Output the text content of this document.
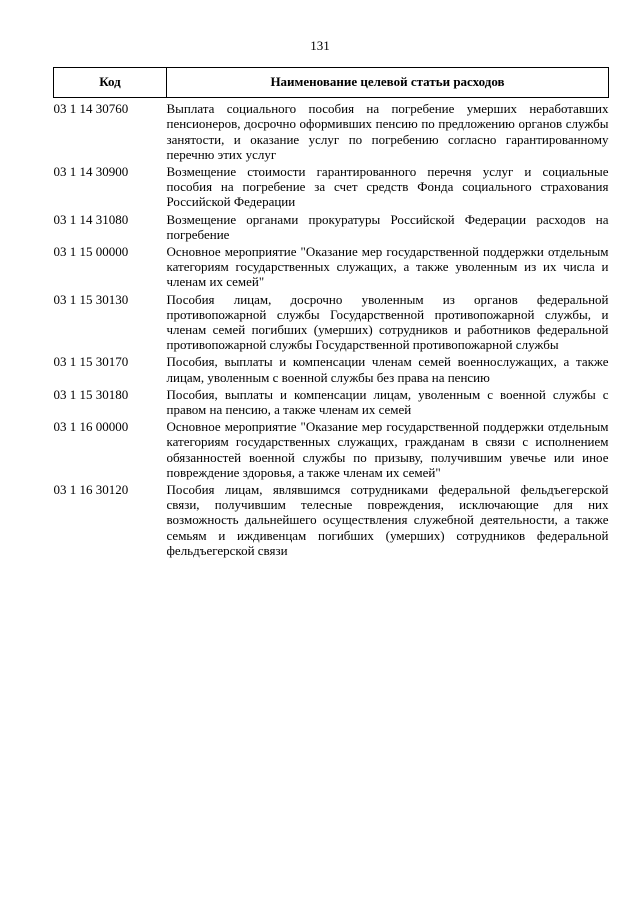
131
Код	Наименование целевой статьи расходов
03 1 14 30760	Выплата социального пособия на погребение умерших неработавших пенсионеров, досрочно оформивших пенсию по предложению органов службы занятости, и оказание услуг по погребению согласно гарантированному перечню этих услуг
03 1 14 30900	Возмещение стоимости гарантированного перечня услуг и социальные пособия на погребение за счет средств Фонда социального страхования Российской Федерации
03 1 14 31080	Возмещение органами прокуратуры Российской Федерации расходов на погребение
03 1 15 00000	Основное мероприятие "Оказание мер государственной поддержки отдельным категориям государственных служащих, а также уволенным из их числа и членам их семей"
03 1 15 30130	Пособия лицам, досрочно уволенным из органов федеральной противопожарной службы Государственной противопожарной службы, и членам семей погибших (умерших) сотрудников и работников федеральной противопожарной службы Государственной противопожарной службы
03 1 15 30170	Пособия, выплаты и компенсации членам семей военнослужащих, а также лицам, уволенным с военной службы без права на пенсию
03 1 15 30180	Пособия, выплаты и компенсации лицам, уволенным с военной службы с правом на пенсию, а также членам их семей
03 1 16 00000	Основное мероприятие "Оказание мер государственной поддержки отдельным категориям государственных служащих, гражданам в связи с исполнением обязанностей военной службы по призыву, получившим увечье или иное повреждение здоровья, а также членам их семей"
03 1 16 30120	Пособия лицам, являвшимся сотрудниками федеральной фельдъегерской связи, получившим телесные повреждения, исключающие для них возможность дальнейшего осуществления служебной деятельности, а также семьям и иждивенцам погибших (умерших) сотрудников федеральной фельдъегерской связи
